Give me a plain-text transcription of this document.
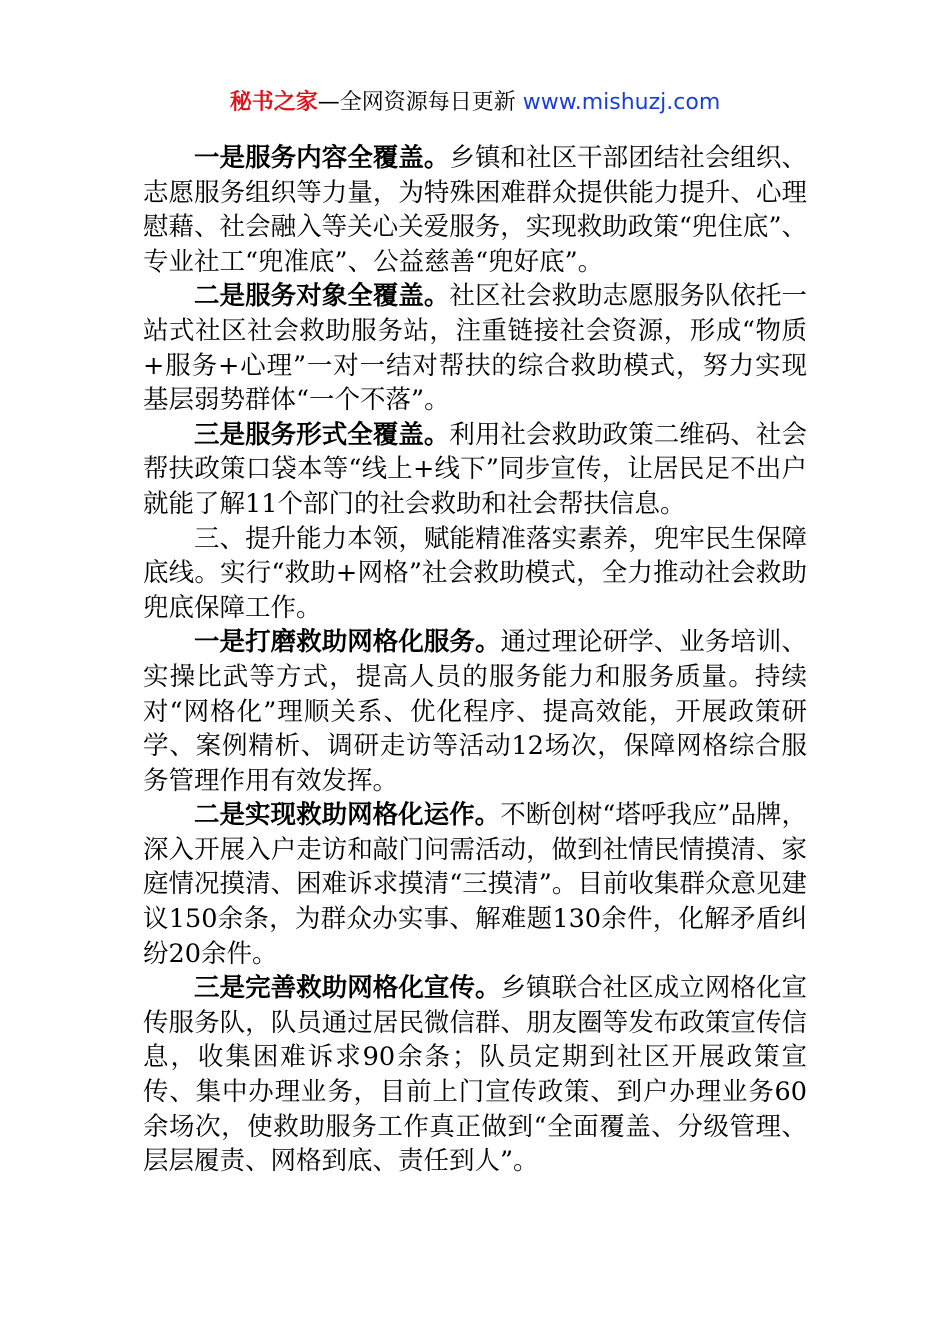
秘书之家—全网资源每日更新 www.mishuzj.com

一是服务内容全覆盖。乡镇和社区干部团结社会组织、志愿服务组织等力量，为特殊困难群众提供能力提升、心理慰藉、社会融入等关心关爱服务，实现救助政策“兜住底”、专业社工“兜准底”、公益慈善“兜好底”。

二是服务对象全覆盖。社区社会救助志愿服务队依托一站式社区社会救助服务站，注重链接社会资源，形成“物质+服务+心理”一对一结对帮扶的综合救助模式，努力实现基层弱势群体“一个不落”。

三是服务形式全覆盖。利用社会救助政策二维码、社会帮扶政策口袋本等“线上+线下”同步宣传，让居民足不出户就能了解11个部门的社会救助和社会帮扶信息。

三、提升能力本领，赋能精准落实素养，兜牢民生保障底线。实行“救助+网格”社会救助模式，全力推动社会救助兜底保障工作。

一是打磨救助网格化服务。通过理论研学、业务培训、实操比武等方式，提高人员的服务能力和服务质量。持续对“网格化”理顺关系、优化程序、提高效能，开展政策研学、案例精析、调研走访等活动12场次，保障网格综合服务管理作用有效发挥。

二是实现救助网格化运作。不断创树“塔呼我应”品牌，深入开展入户走访和敲门问需活动，做到社情民情摸清、家庭情况摸清、困难诉求摸清“三摸清”。目前收集群众意见建议150余条，为群众办实事、解难题130余件，化解矛盾纠纷20余件。

三是完善救助网格化宣传。乡镇联合社区成立网格化宣传服务队，队员通过居民微信群、朋友圈等发布政策宣传信息，收集困难诉求90余条；队员定期到社区开展政策宣传、集中办理业务，目前上门宣传政策、到户办理业务60余场次，使救助服务工作真正做到“全面覆盖、分级管理、层层履责、网格到底、责任到人”。
